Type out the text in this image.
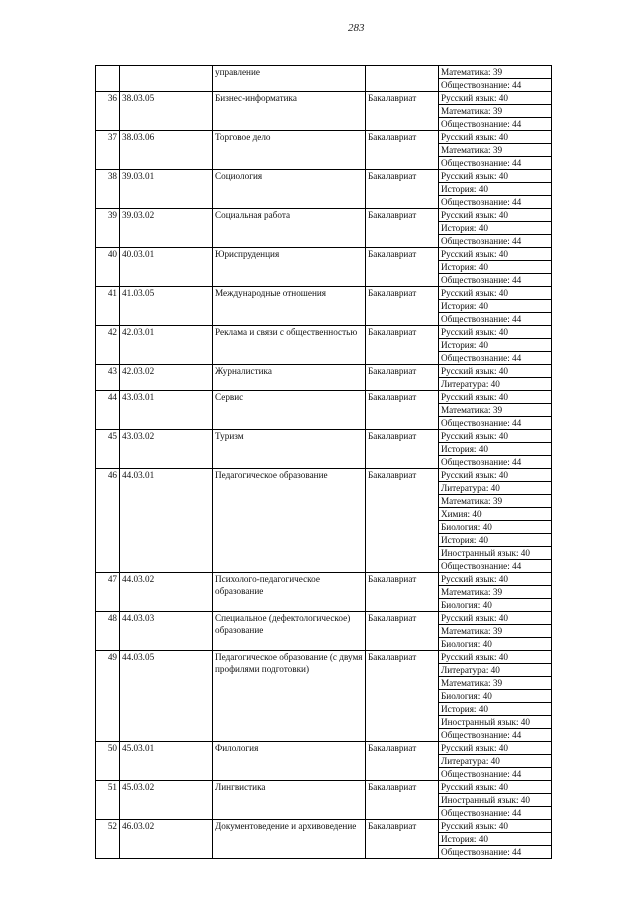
283
		управление		Математика: 39
				Обществознание: 44
36	38.03.05	Бизнес-информатика	Бакалавриат	Русский язык: 40
				Математика: 39
				Обществознание: 44
37	38.03.06	Торговое дело	Бакалавриат	Русский язык: 40
				Математика: 39
				Обществознание: 44
38	39.03.01	Социология	Бакалавриат	Русский язык: 40
				История: 40
				Обществознание: 44
39	39.03.02	Социальная работа	Бакалавриат	Русский язык: 40
				История: 40
				Обществознание: 44
40	40.03.01	Юриспруденция	Бакалавриат	Русский язык: 40
				История: 40
				Обществознание: 44
41	41.03.05	Международные отношения	Бакалавриат	Русский язык: 40
				История: 40
				Обществознание: 44
42	42.03.01	Реклама и связи с общественностью	Бакалавриат	Русский язык: 40
				История: 40
				Обществознание: 44
43	42.03.02	Журналистика	Бакалавриат	Русский язык: 40
				Литература: 40
44	43.03.01	Сервис	Бакалавриат	Русский язык: 40
				Математика: 39
				Обществознание: 44
45	43.03.02	Туризм	Бакалавриат	Русский язык: 40
				История: 40
				Обществознание: 44
46	44.03.01	Педагогическое образование	Бакалавриат	Русский язык: 40
				Литература: 40
				Математика: 39
				Химия: 40
				Биология: 40
				История: 40
				Иностранный язык: 40
				Обществознание: 44
47	44.03.02	Психолого-педагогическое образование	Бакалавриат	Русский язык: 40
				Математика: 39
				Биология: 40
48	44.03.03	Специальное (дефектологическое) образование	Бакалавриат	Русский язык: 40
				Математика: 39
				Биология: 40
49	44.03.05	Педагогическое образование (с двумя профилями подготовки)	Бакалавриат	Русский язык: 40
				Литература: 40
				Математика: 39
				Биология: 40
				История: 40
				Иностранный язык: 40
				Обществознание: 44
50	45.03.01	Филология	Бакалавриат	Русский язык: 40
				Литература: 40
				Обществознание: 44
51	45.03.02	Лингвистика	Бакалавриат	Русский язык: 40
				Иностранный язык: 40
				Обществознание: 44
52	46.03.02	Документоведение и архивоведение	Бакалавриат	Русский язык: 40
				История: 40
				Обществознание: 44
